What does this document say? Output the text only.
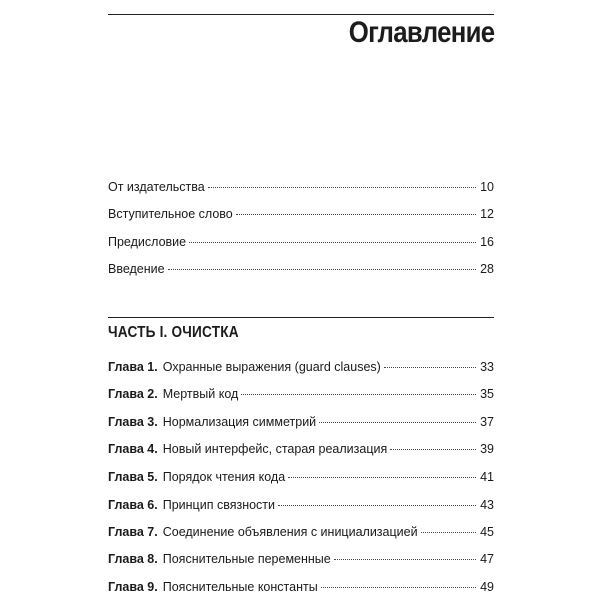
Оглавление
От издательства	10
Вступительное слово	12
Предисловие	16
Введение	28
ЧАСТЬ I. ОЧИСТКА
Глава 1. Охранные выражения (guard clauses)	33
Глава 2. Мертвый код	35
Глава 3. Нормализация симметрий	37
Глава 4. Новый интерфейс, старая реализация	39
Глава 5. Порядок чтения кода	41
Глава 6. Принцип связности	43
Глава 7. Соединение объявления с инициализацией	45
Глава 8. Пояснительные переменные	47
Глава 9. Пояснительные константы	49
